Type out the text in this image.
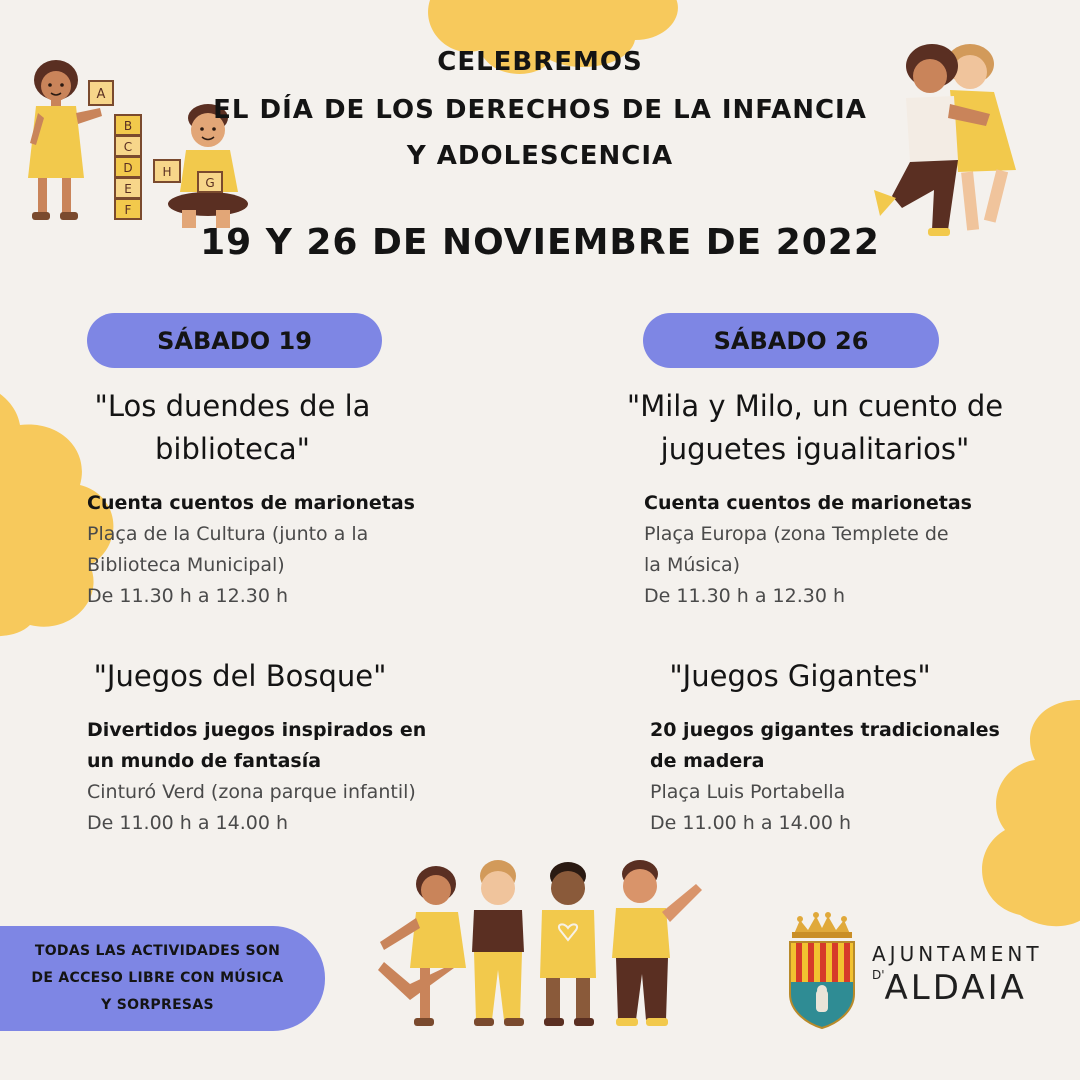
A
B
C
D
E
F
H
G
CELEBREMOS
EL DÍA DE LOS DERECHOS DE LA INFANCIA
Y ADOLESCENCIA
19 Y 26 DE NOVIEMBRE DE 2022
SÁBADO 19	SÁBADO 26
"Los duendes de la
biblioteca"
Cuenta cuentos de marionetas
Plaça de la Cultura (junto a la
Biblioteca Municipal)
De 11.30 h a 12.30 h
"Juegos del Bosque"
Divertidos juegos inspirados en
un mundo de fantasía
Cinturó Verd (zona parque infantil)
De 11.00 h a 14.00 h
"Mila y Milo, un cuento de
juguetes igualitarios"
Cuenta cuentos de marionetas
Plaça Europa (zona Templete de
la Música)
De 11.30 h a 12.30 h
"Juegos Gigantes"
20 juegos gigantes tradicionales
de madera
Plaça Luis Portabella
De 11.00 h a 14.00 h
TODAS LAS ACTIVIDADES SON
DE ACCESO LIBRE CON MÚSICA
Y SORPRESAS
AJUNTAMENT
$^{D'}$ALDAIA
